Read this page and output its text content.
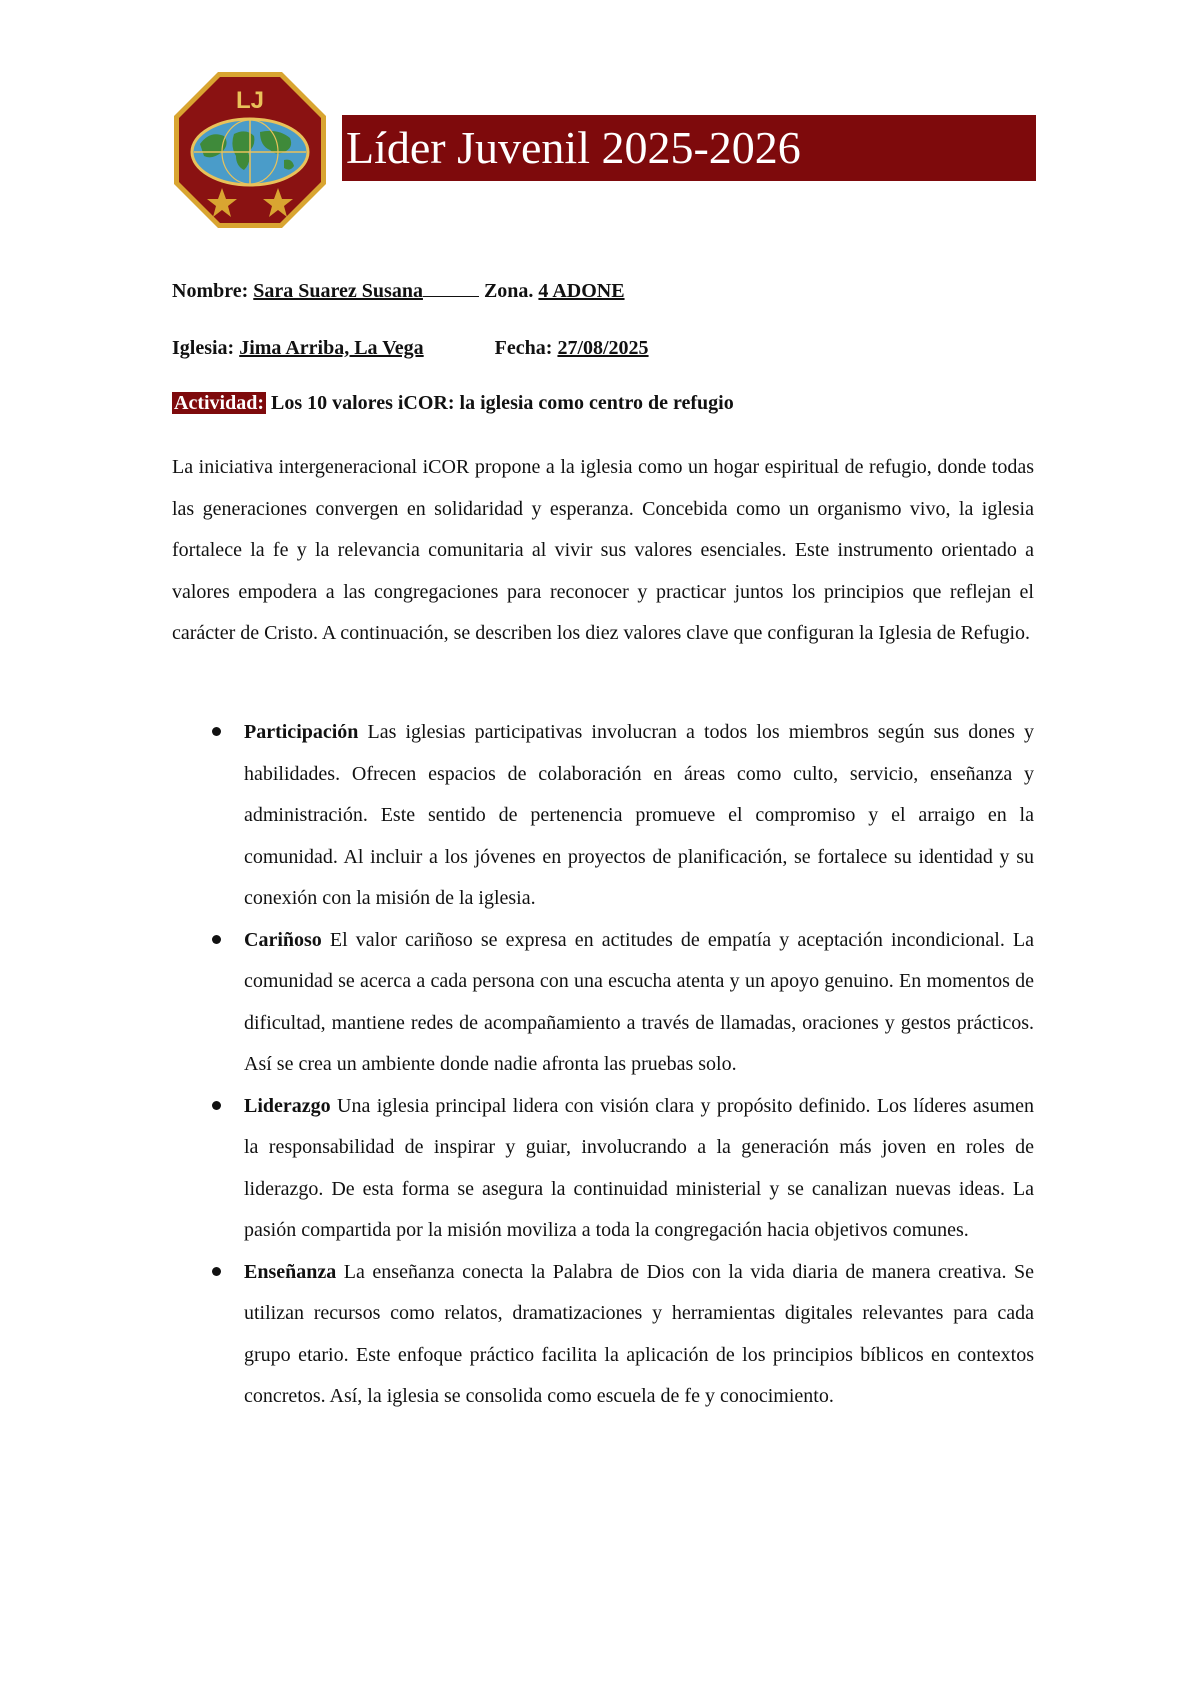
LJ
Líder Juvenil 2025-2026
Nombre: Sara Suarez Susana	Zona. 4 ADONE
Iglesia: Jima Arriba, La Vega	Fecha: 27/08/2025
Actividad: Los 10 valores iCOR: la iglesia como centro de refugio

La iniciativa intergeneracional iCOR propone a la iglesia como un hogar espiritual de refugio, donde todas las generaciones convergen en solidaridad y esperanza. Concebida como un organismo vivo, la iglesia fortalece la fe y la relevancia comunitaria al vivir sus valores esenciales. Este instrumento orientado a valores empodera a las congregaciones para reconocer y practicar juntos los principios que reflejan el carácter de Cristo. A continuación, se describen los diez valores clave que configuran la Iglesia de Refugio.

Participación Las iglesias participativas involucran a todos los miembros según sus dones y habilidades. Ofrecen espacios de colaboración en áreas como culto, servicio, enseñanza y administración. Este sentido de pertenencia promueve el compromiso y el arraigo en la comunidad. Al incluir a los jóvenes en proyectos de planificación, se fortalece su identidad y su conexión con la misión de la iglesia.
Cariñoso El valor cariñoso se expresa en actitudes de empatía y aceptación incondicional. La comunidad se acerca a cada persona con una escucha atenta y un apoyo genuino. En momentos de dificultad, mantiene redes de acompañamiento a través de llamadas, oraciones y gestos prácticos. Así se crea un ambiente donde nadie afronta las pruebas solo.
Liderazgo Una iglesia principal lidera con visión clara y propósito definido. Los líderes asumen la responsabilidad de inspirar y guiar, involucrando a la generación más joven en roles de liderazgo. De esta forma se asegura la continuidad ministerial y se canalizan nuevas ideas. La pasión compartida por la misión moviliza a toda la congregación hacia objetivos comunes.
Enseñanza La enseñanza conecta la Palabra de Dios con la vida diaria de manera creativa. Se utilizan recursos como relatos, dramatizaciones y herramientas digitales relevantes para cada grupo etario. Este enfoque práctico facilita la aplicación de los principios bíblicos en contextos concretos. Así, la iglesia se consolida como escuela de fe y conocimiento.
